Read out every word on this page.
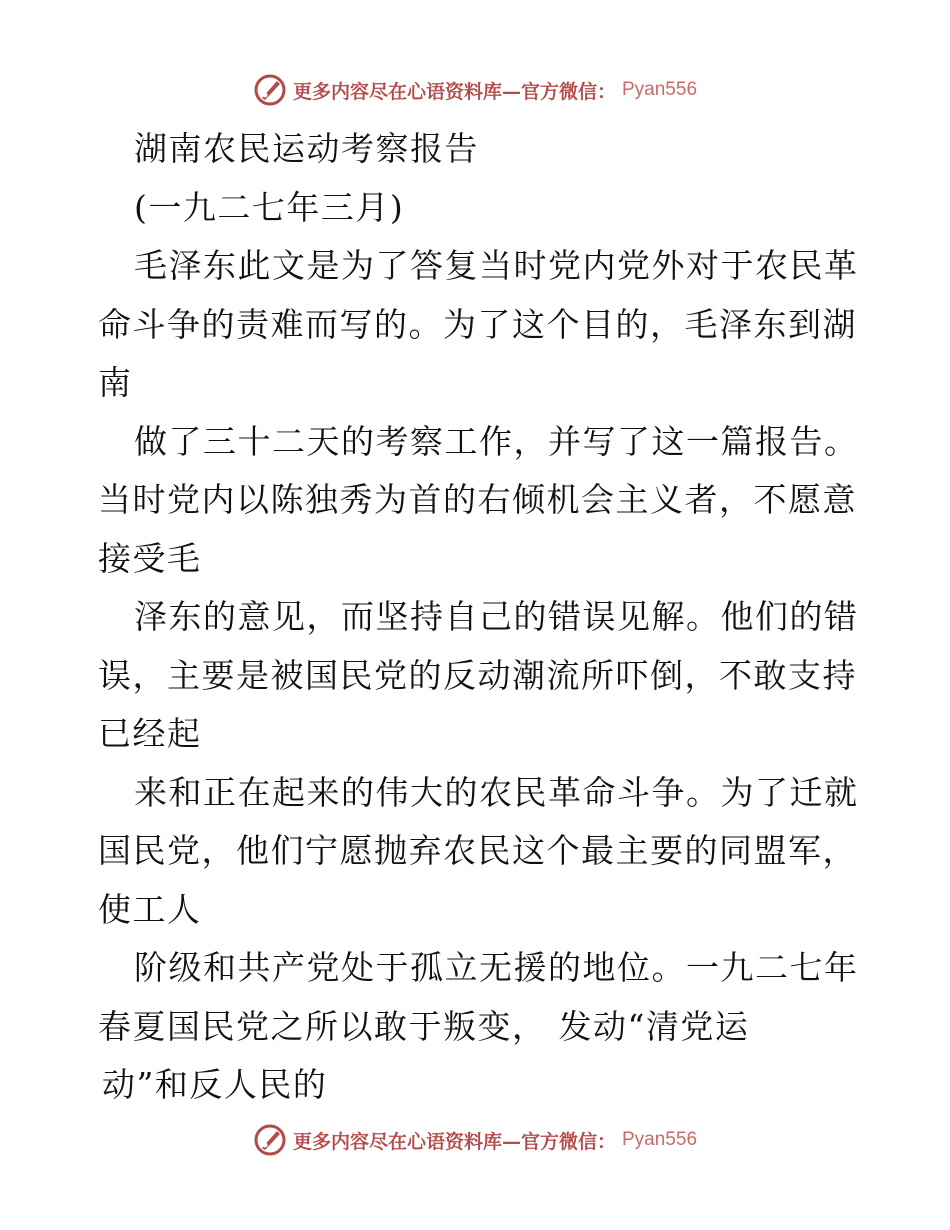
更多内容尽在心语资料库—官方微信： Pyan556
湖南农民运动考察报告
(一九二七年三月)
毛泽东此文是为了答复当时党内党外对于农民革
命斗争的责难而写的。为了这个目的，毛泽东到湖
南
做了三十二天的考察工作，并写了这一篇报告。
当时党内以陈独秀为首的右倾机会主义者，不愿意
接受毛
泽东的意见，而坚持自己的错误见解。他们的错
误，主要是被国民党的反动潮流所吓倒，不敢支持
已经起
来和正在起来的伟大的农民革命斗争。为了迁就
国民党，他们宁愿抛弃农民这个最主要的同盟军，
使工人
阶级和共产党处于孤立无援的地位。一九二七年
春夏国民党之所以敢于叛变， 发动“清党运
动”和反人民的
更多内容尽在心语资料库—官方微信： Pyan556
